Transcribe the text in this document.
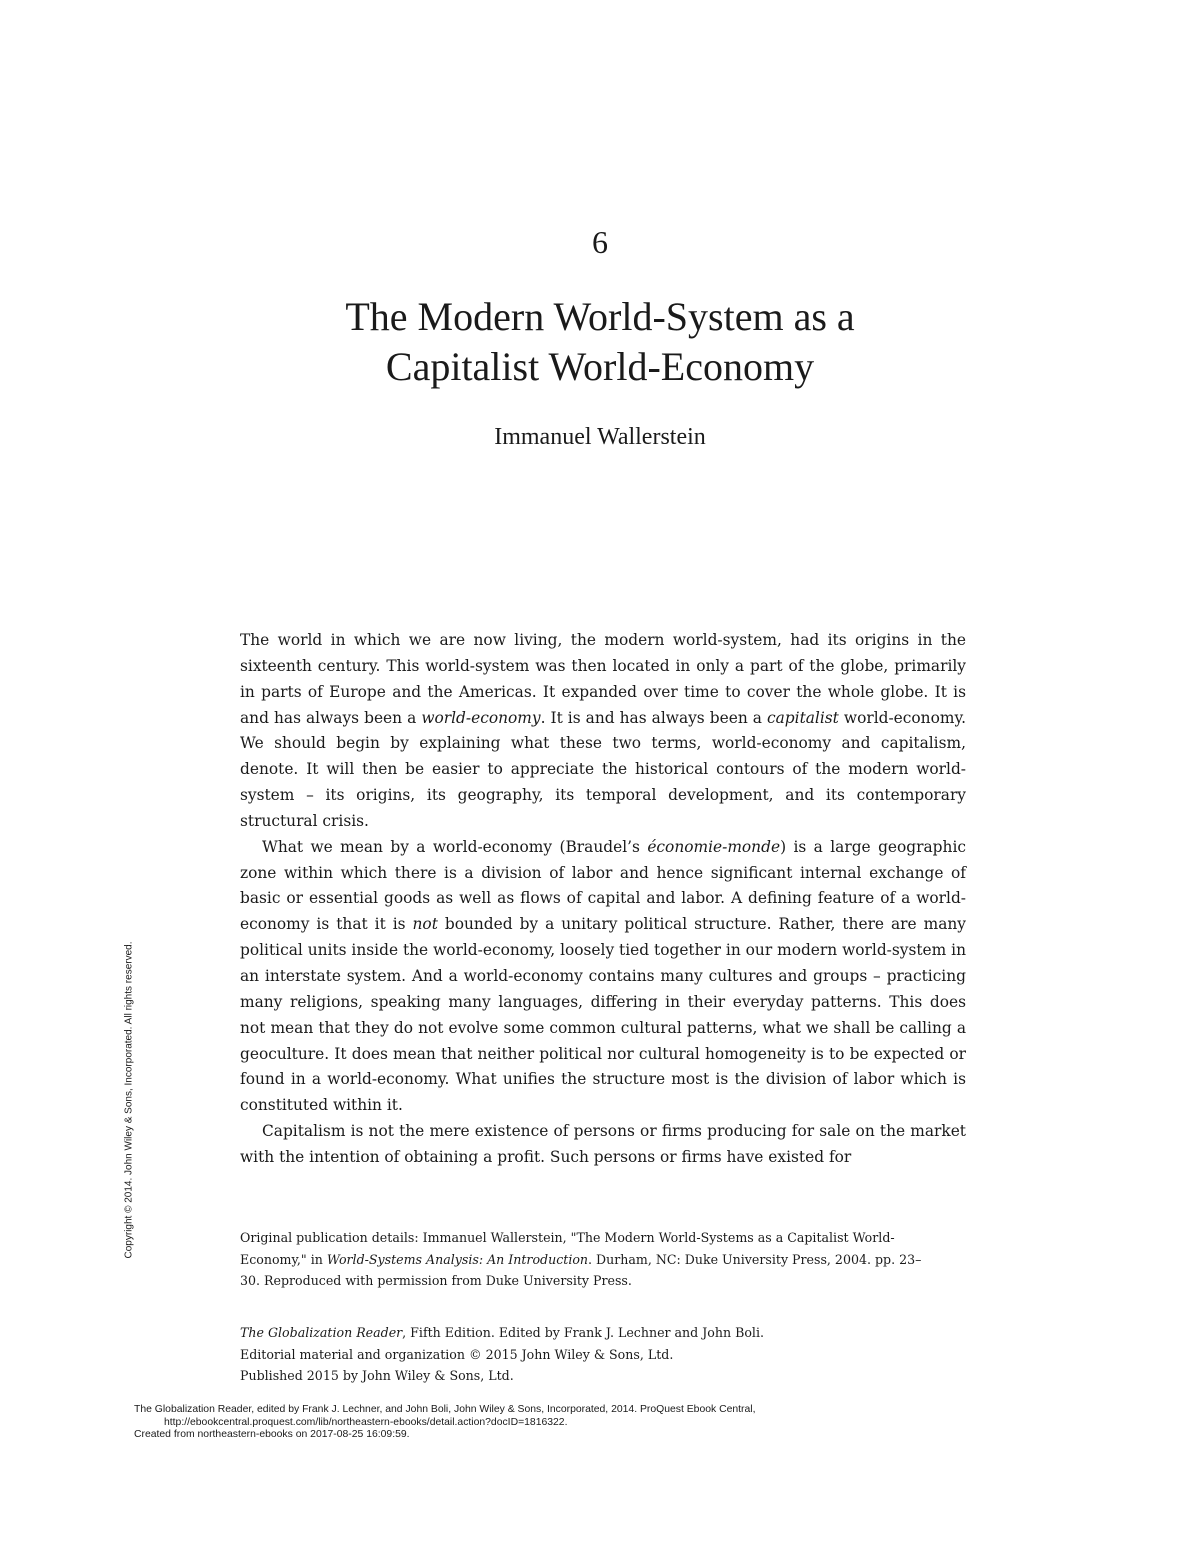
6
The Modern World-System as a
Capitalist World-Economy
Immanuel Wallerstein

The world in which we are now living, the modern world-system, had its origins in the sixteenth century. This world-system was then located in only a part of the globe, primarily in parts of Europe and the Americas. It expanded over time to cover the whole globe. It is and has always been a world-economy. It is and has always been a capitalist world-economy. We should begin by explaining what these two terms, world-economy and capitalism, denote. It will then be easier to appreciate the historical contours of the modern world-system – its origins, its geography, its temporal development, and its contemporary structural crisis.

What we mean by a world-economy (Braudel’s économie-monde) is a large geographic zone within which there is a division of labor and hence significant internal exchange of basic or essential goods as well as flows of capital and labor. A defining feature of a world-economy is that it is not bounded by a unitary political structure. Rather, there are many political units inside the world-economy, loosely tied together in our modern world-system in an interstate system. And a world-economy contains many cultures and groups – practicing many religions, speaking many languages, differing in their everyday patterns. This does not mean that they do not evolve some common cultural patterns, what we shall be calling a geoculture. It does mean that neither political nor cultural homogeneity is to be expected or found in a world-economy. What unifies the structure most is the division of labor which is constituted within it.

Capitalism is not the mere existence of persons or firms producing for sale on the market with the intention of obtaining a profit. Such persons or firms have existed for

Original publication details: Immanuel Wallerstein, "The Modern World-Systems as a Capitalist World-Economy," in World-Systems Analysis: An Introduction. Durham, NC: Duke University Press, 2004. pp. 23–30. Reproduced with permission from Duke University Press.

The Globalization Reader, Fifth Edition. Edited by Frank J. Lechner and John Boli.
Editorial material and organization © 2015 John Wiley & Sons, Ltd.
Published 2015 by John Wiley & Sons, Ltd.
Copyright © 2014. John Wiley & Sons, Incorporated. All rights reserved.
The Globalization Reader, edited by Frank J. Lechner, and John Boli, John Wiley & Sons, Incorporated, 2014. ProQuest Ebook Central,
http://ebookcentral.proquest.com/lib/northeastern-ebooks/detail.action?docID=1816322.
Created from northeastern-ebooks on 2017-08-25 16:09:59.
